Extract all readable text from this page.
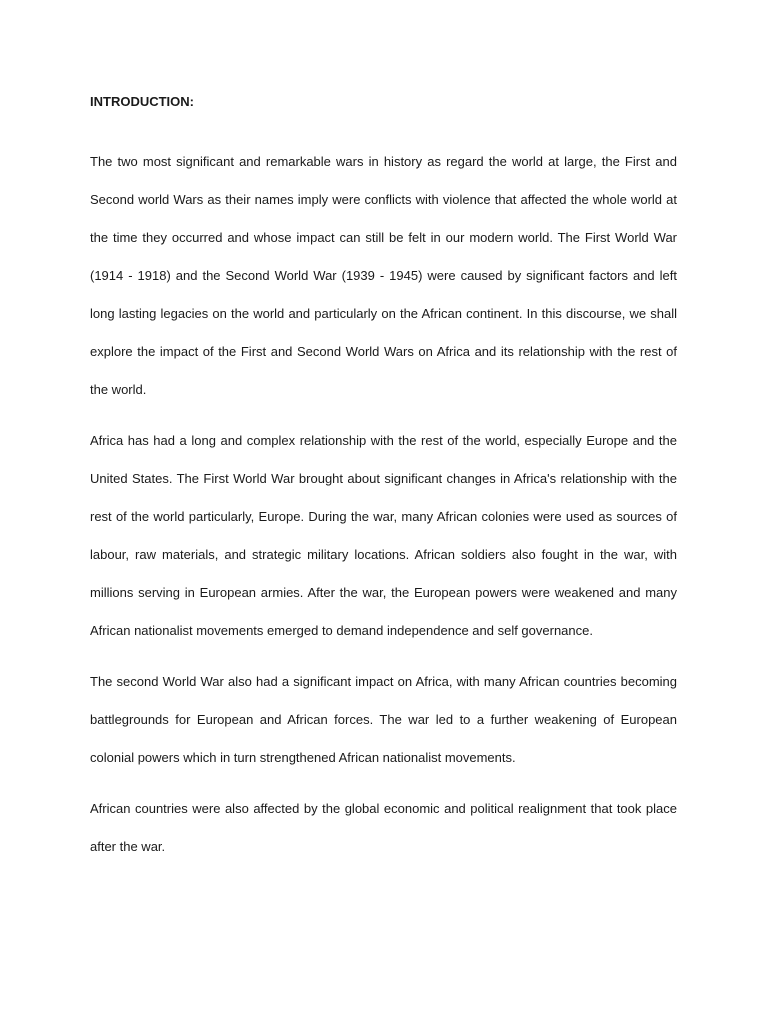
INTRODUCTION:

The two most significant and remarkable wars in history as regard the world at large, the First and Second world Wars as their names imply were conflicts with violence that affected the whole world at the time they occurred and whose impact can still be felt in our modern world. The First World War (1914 - 1918) and the Second World War (1939 - 1945) were caused by significant factors and left long lasting legacies on the world and particularly on the African continent. In this discourse, we shall explore the impact of the First and Second World Wars on Africa and its relationship with the rest of the world.

Africa has had a long and complex relationship with the rest of the world, especially Europe and the United States. The First World War brought about significant changes in Africa's relationship with the rest of the world particularly, Europe. During the war, many African colonies were used as sources of labour, raw materials, and strategic military locations. African soldiers also fought in the war, with millions serving in European armies. After the war, the European powers were weakened and many African nationalist movements emerged to demand independence and self governance.

The second World War also had a significant impact on Africa, with many African countries becoming battlegrounds for European and African forces. The war led to a further weakening of European colonial powers which in turn strengthened African nationalist movements.

African countries were also affected by the global economic and political realignment that took place after the war.
